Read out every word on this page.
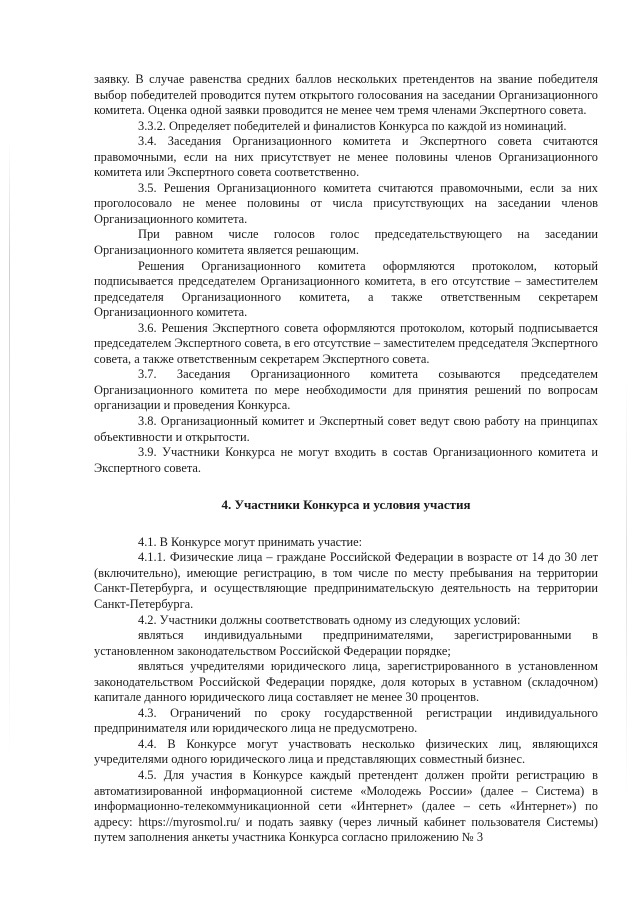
заявку. В случае равенства средних баллов нескольких претендентов на звание победителя выбор победителей проводится путем открытого голосования на заседании Организационного комитета. Оценка одной заявки проводится не менее чем тремя членами Экспертного совета.

3.3.2. Определяет победителей и финалистов Конкурса по каждой из номинаций.

3.4. Заседания Организационного комитета и Экспертного совета считаются правомочными, если на них присутствует не менее половины членов Организационного комитета или Экспертного совета соответственно.

3.5. Решения Организационного комитета считаются правомочными, если за них проголосовало не менее половины от числа присутствующих на заседании членов Организационного комитета.

При равном числе голосов голос председательствующего на заседании Организационного комитета является решающим.

Решения Организационного комитета оформляются протоколом, который подписывается председателем Организационного комитета, в его отсутствие – заместителем председателя Организационного комитета, а также ответственным секретарем Организационного комитета.

3.6. Решения Экспертного совета оформляются протоколом, который подписывается председателем Экспертного совета, в его отсутствие – заместителем председателя Экспертного совета, а также ответственным секретарем Экспертного совета.

3.7. Заседания Организационного комитета созываются председателем Организационного комитета по мере необходимости для принятия решений по вопросам организации и проведения Конкурса.

3.8. Организационный комитет и Экспертный совет ведут свою работу на принципах объективности и открытости.

3.9. Участники Конкурса не могут входить в состав Организационного комитета и Экспертного совета.

4. Участники Конкурса и условия участия

4.1. В Конкурсе могут принимать участие:

4.1.1. Физические лица – граждане Российской Федерации в возрасте от 14 до 30 лет (включительно), имеющие регистрацию, в том числе по месту пребывания на территории Санкт-Петербурга, и осуществляющие предпринимательскую деятельность на территории Санкт-Петербурга.

4.2. Участники должны соответствовать одному из следующих условий:

являться индивидуальными предпринимателями, зарегистрированными в установленном законодательством Российской Федерации порядке;

являться учредителями юридического лица, зарегистрированного в установленном законодательством Российской Федерации порядке, доля которых в уставном (складочном) капитале данного юридического лица составляет не менее 30 процентов.

4.3. Ограничений по сроку государственной регистрации индивидуального предпринимателя или юридического лица не предусмотрено.

4.4. В Конкурсе могут участвовать несколько физических лиц, являющихся учредителями одного юридического лица и представляющих совместный бизнес.

4.5. Для участия в Конкурсе каждый претендент должен пройти регистрацию в автоматизированной информационной системе «Молодежь России» (далее – Система) в информационно-телекоммуникационной сети «Интернет» (далее – сеть «Интернет») по адресу: https://myrosmol.ru/ и подать заявку (через личный кабинет пользователя Системы) путем заполнения анкеты участника Конкурса согласно приложению № 3
